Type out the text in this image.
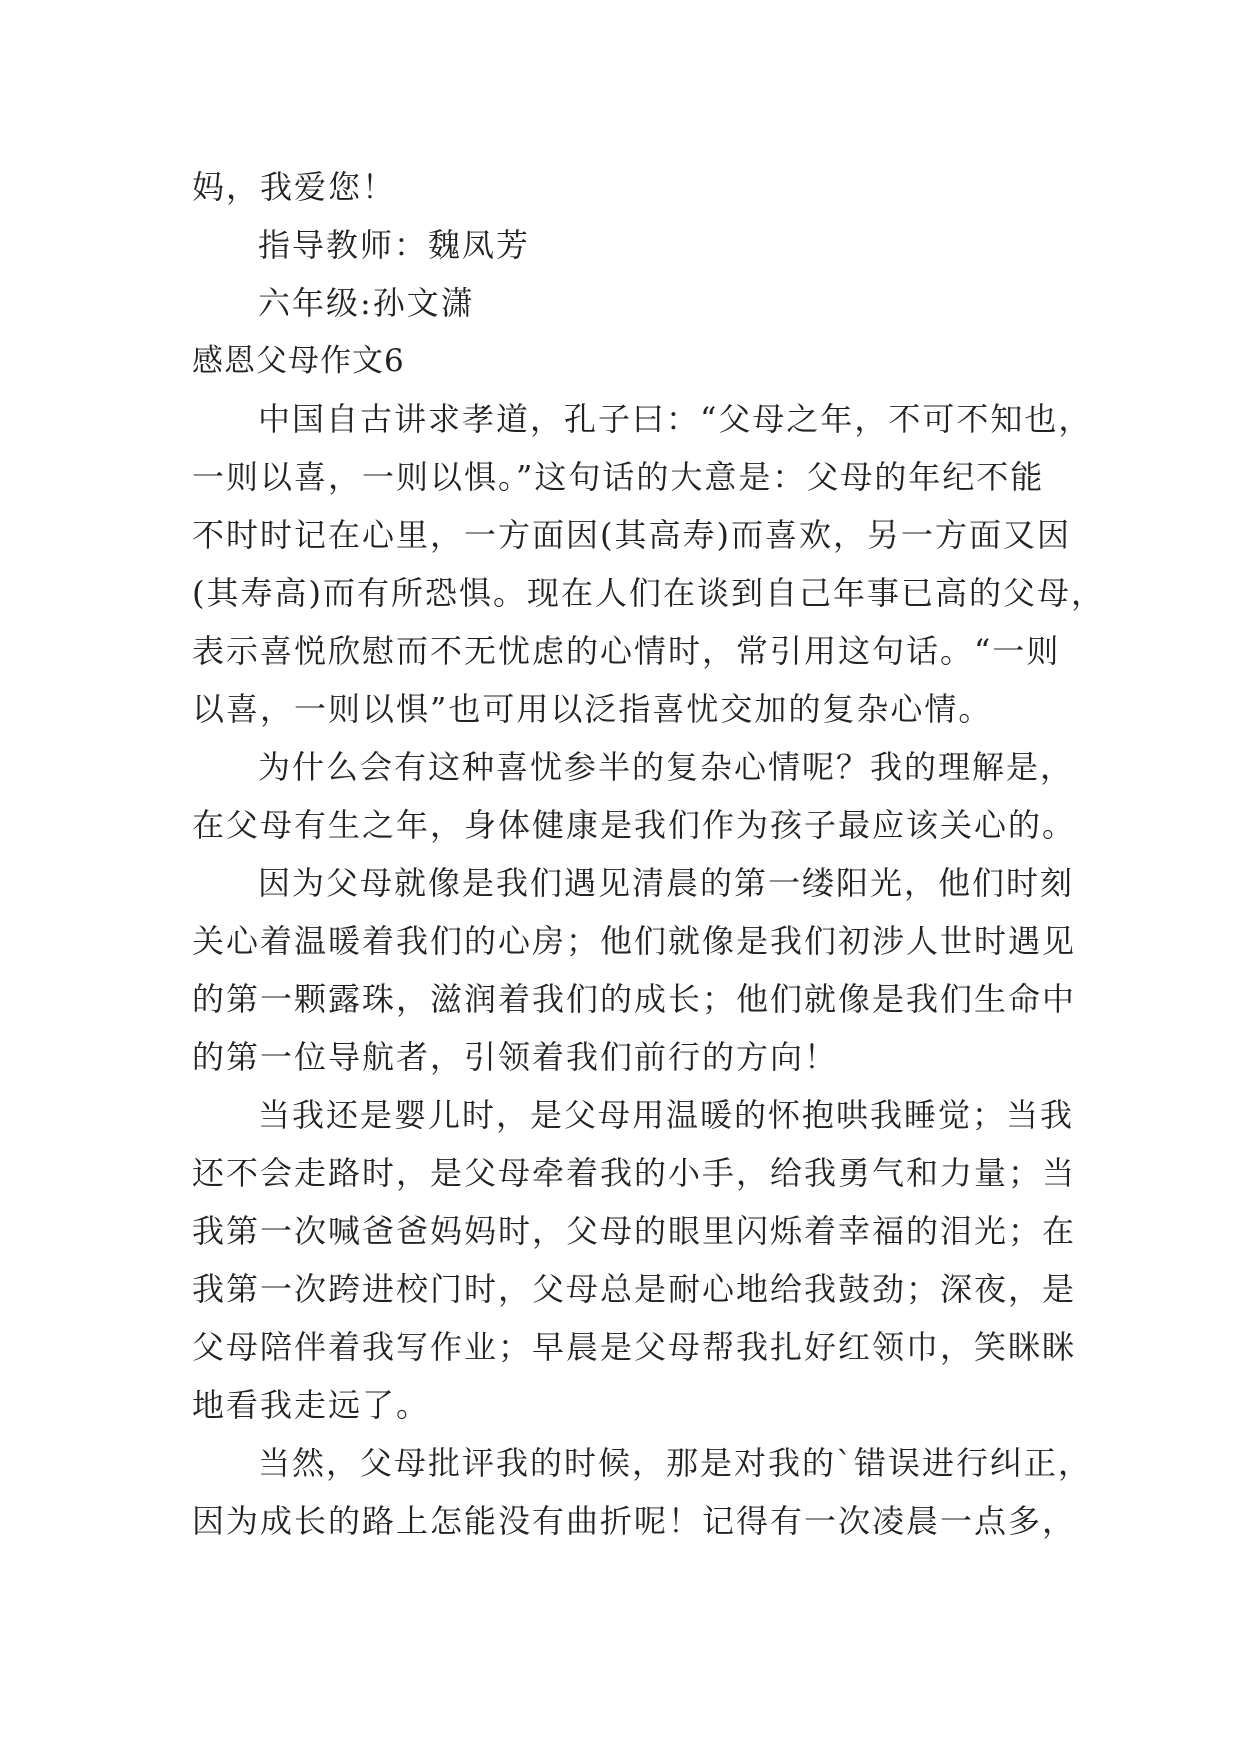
妈，我爱您！
指导教师：魏凤芳
六年级:孙文潇
感恩父母作文6
中国自古讲求孝道，孔子曰：“父母之年，不可不知也，
一则以喜，一则以惧。”这句话的大意是：父母的年纪不能
不时时记在心里，一方面因(其高寿)而喜欢，另一方面又因
(其寿高)而有所恐惧。现在人们在谈到自己年事已高的父母，
表示喜悦欣慰而不无忧虑的心情时，常引用这句话。“一则
以喜，一则以惧”也可用以泛指喜忧交加的复杂心情。
为什么会有这种喜忧参半的复杂心情呢？我的理解是，
在父母有生之年，身体健康是我们作为孩子最应该关心的。
因为父母就像是我们遇见清晨的第一缕阳光，他们时刻
关心着温暖着我们的心房；他们就像是我们初涉人世时遇见
的第一颗露珠，滋润着我们的成长；他们就像是我们生命中
的第一位导航者，引领着我们前行的方向！
当我还是婴儿时，是父母用温暖的怀抱哄我睡觉；当我
还不会走路时，是父母牵着我的小手，给我勇气和力量；当
我第一次喊爸爸妈妈时，父母的眼里闪烁着幸福的泪光；在
我第一次跨进校门时，父母总是耐心地给我鼓劲；深夜，是
父母陪伴着我写作业；早晨是父母帮我扎好红领巾，笑眯眯
地看我走远了。
当然，父母批评我的时候，那是对我的`错误进行纠正，
因为成长的路上怎能没有曲折呢！记得有一次凌晨一点多，
